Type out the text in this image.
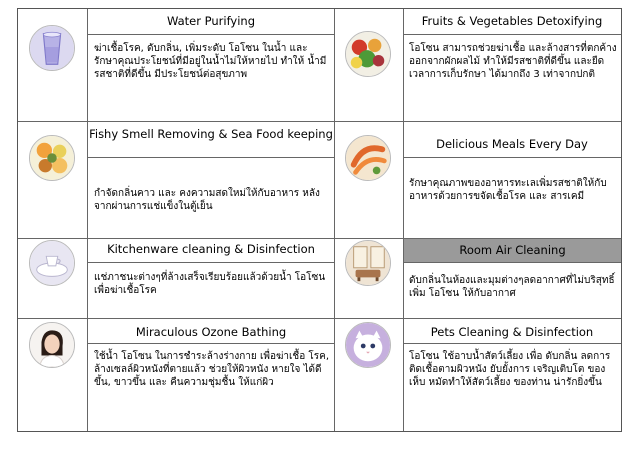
Water Purifying
ฆ่าเชื้อโรค, ดับกลิ่น, เพิ่มระดับ โอโซน ในน้ำ และ รักษาคุณประโยชน์ที่มีอยู่ในน้ำไม่ให้หายไป ทำให้ น้ำมีรสชาติที่ดีขึ้น มีประโยชน์ต่อสุขภาพ
Fruits & Vegetables Detoxifying
โอโซน สามารถช่วยฆ่าเชื้อ และล้างสารที่ตกค้าง ออกจากผักผลไม้ ทำให้มีรสชาติที่ดีขึ้น และยืด เวลาการเก็บรักษา ได้มากถึง 3 เท่าจากปกติ
Fishy Smell Removing & Sea Food keeping
กำจัดกลิ่นคาว และ คงความสดใหม่ให้กับอาหาร หลัง จากผ่านการแช่แข็งในตู้เย็น
Delicious Meals Every Day
รักษาคุณภาพของอาหารทะเลเพิ่มรสชาติให้กับ อาหารด้วยการขจัดเชื้อโรค และ สารเคมี
Kitchenware cleaning & Disinfection
แช่ภาชนะต่างๆที่ล้างเสร็จเรียบร้อยแล้วด้วยน้ำ โอโซน เพื่อฆ่าเชื้อโรค
Room Air Cleaning
ดับกลิ่นในห้องและมุมต่างๆลดอากาศที่ไม่บริสุทธิ์ เพิ่ม โอโซน ให้กับอากาศ
Miraculous Ozone Bathing
ใช้น้ำ โอโซน ในการชำระล้างร่างกาย เพื่อฆ่าเชื้อ โรค, ล้างเซลล์ผิวหนังที่ตายแล้ว ช่วยให้ผิวหนัง หายใจ ได้ดีขึ้น, ขาวขึ้น และ คืนความชุ่มชื้น ให้แก่ผิว
Pets Cleaning & Disinfection
โอโซน ใช้อาบน้ำสัตว์เลี้ยง เพื่อ ดับกลิ่น ลดการติดเชื้อตามผิวหนัง ยับยั้งการ เจริญเติบโต ของ เห็บ หมัดทำให้สัตว์เลี้ยง ของท่าน น่ารักยิ่งขึ้น
